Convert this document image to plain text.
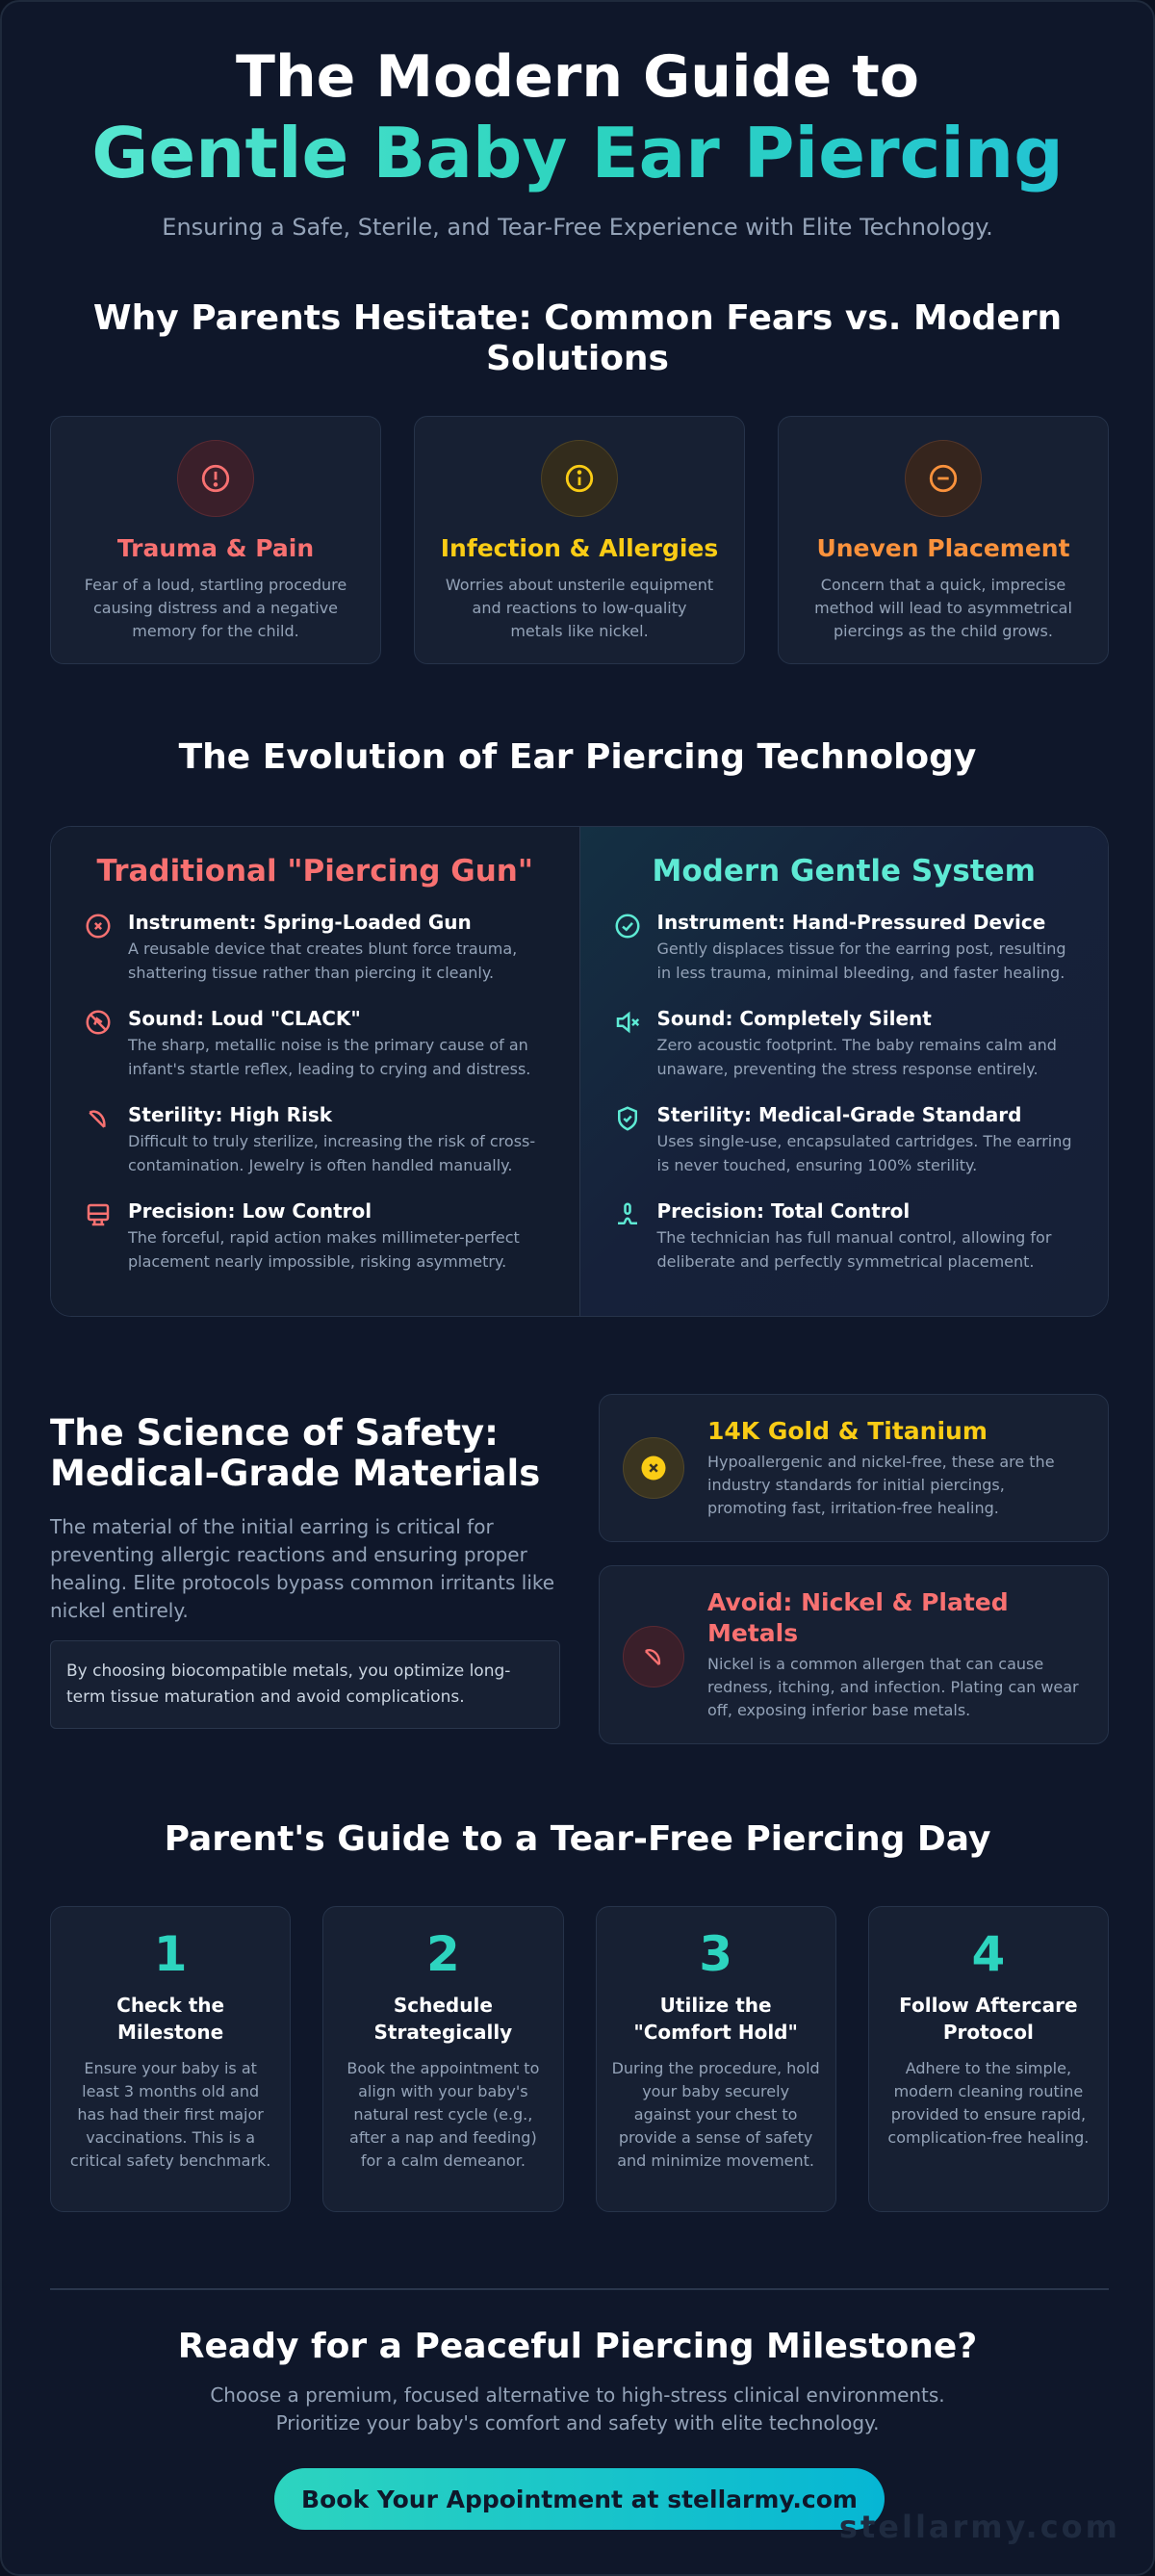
The Modern Guide to
Gentle Baby Ear Piercing

Ensuring a Safe, Sterile, and Tear-Free Experience with Elite Technology.

Why Parents Hesitate: Common Fears vs. Modern Solutions
Trauma & Pain

Fear of a loud, startling procedure causing distress and a negative memory for the child.

Infection & Allergies

Worries about unsterile equipment and reactions to low-quality metals like nickel.

Uneven Placement

Concern that a quick, imprecise method will lead to asymmetrical piercings as the child grows.

The Evolution of Ear Piercing Technology
Traditional "Piercing Gun"
Instrument: Spring-Loaded Gun

A reusable device that creates blunt force trauma, shattering tissue rather than piercing it cleanly.

Sound: Loud "CLACK"

The sharp, metallic noise is the primary cause of an infant's startle reflex, leading to crying and distress.

Sterility: High Risk

Difficult to truly sterilize, increasing the risk of cross-contamination. Jewelry is often handled manually.

Precision: Low Control

The forceful, rapid action makes millimeter-perfect placement nearly impossible, risking asymmetry.

Modern Gentle System
Instrument: Hand-Pressured Device

Gently displaces tissue for the earring post, resulting in less trauma, minimal bleeding, and faster healing.

Sound: Completely Silent

Zero acoustic footprint. The baby remains calm and unaware, preventing the stress response entirely.

Sterility: Medical-Grade Standard

Uses single-use, encapsulated cartridges. The earring is never touched, ensuring 100% sterility.

Precision: Total Control

The technician has full manual control, allowing for deliberate and perfectly symmetrical placement.

The Science of Safety: Medical-Grade Materials

The material of the initial earring is critical for preventing allergic reactions and ensuring proper healing. Elite protocols bypass common irritants like nickel entirely.

By choosing biocompatible metals, you optimize long-term tissue maturation and avoid complications.
14K Gold & Titanium

Hypoallergenic and nickel-free, these are the industry standards for initial piercings, promoting fast, irritation-free healing.

Avoid: Nickel & Plated Metals

Nickel is a common allergen that can cause redness, itching, and infection. Plating can wear off, exposing inferior base metals.

Parent's Guide to a Tear-Free Piercing Day
1
Check the Milestone

Ensure your baby is at least 3 months old and has had their first major vaccinations. This is a critical safety benchmark.

2
Schedule Strategically

Book the appointment to align with your baby's natural rest cycle (e.g., after a nap and feeding) for a calm demeanor.

3
Utilize the "Comfort Hold"

During the procedure, hold your baby securely against your chest to provide a sense of safety and minimize movement.

4
Follow Aftercare Protocol

Adhere to the simple, modern cleaning routine provided to ensure rapid, complication-free healing.

Ready for a Peaceful Piercing Milestone?

Choose a premium, focused alternative to high-stress clinical environments.
Prioritize your baby's comfort and safety with elite technology.

Book Your Appointment at stellarmy.com
stellarmy.com
